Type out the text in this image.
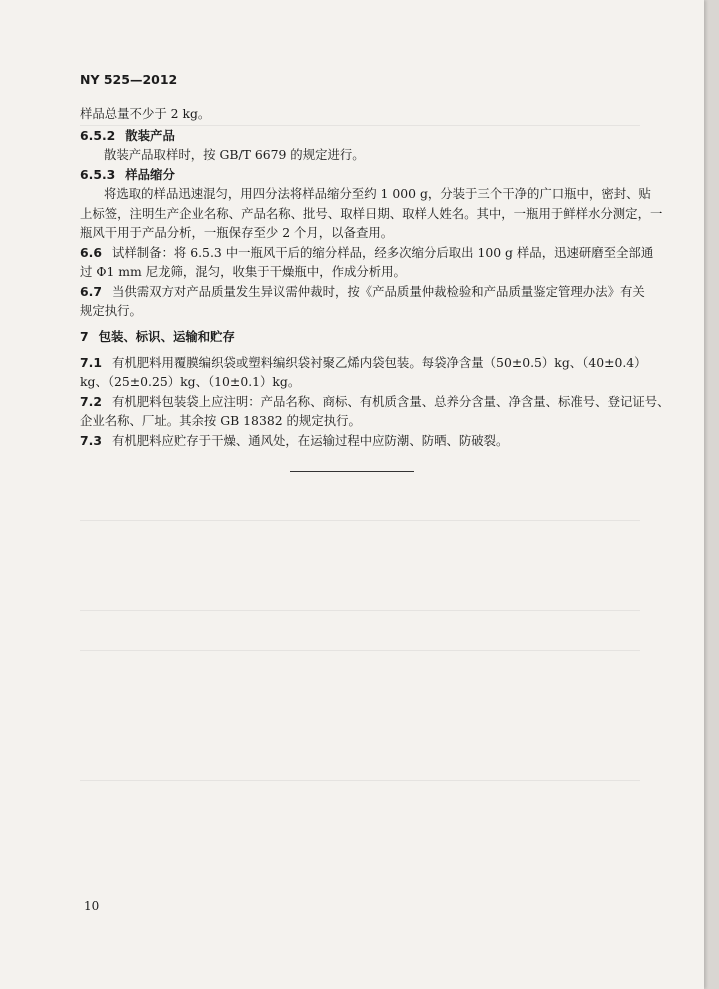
NY 525—2012
样品总量不少于 2 kg。
6.5.2 散装产品
散装产品取样时，按 GB/T 6679 的规定进行。
6.5.3 样品缩分
将选取的样品迅速混匀，用四分法将样品缩分至约 1 000 g，分装于三个干净的广口瓶中，密封、贴
上标签，注明生产企业名称、产品名称、批号、取样日期、取样人姓名。其中，一瓶用于鲜样水分测定，一
瓶风干用于产品分析，一瓶保存至少 2 个月，以备查用。
6.6 试样制备：将 6.5.3 中一瓶风干后的缩分样品，经多次缩分后取出 100 g 样品，迅速研磨至全部通
过 Φ1 mm 尼龙筛，混匀，收集于干燥瓶中，作成分析用。
6.7 当供需双方对产品质量发生异议需仲裁时，按《产品质量仲裁检验和产品质量鉴定管理办法》有关
规定执行。
7 包装、标识、运输和贮存
7.1 有机肥料用覆膜编织袋或塑料编织袋衬聚乙烯内袋包装。每袋净含量（50±0.5）kg、（40±0.4）
kg、（25±0.25）kg、（10±0.1）kg。
7.2 有机肥料包装袋上应注明：产品名称、商标、有机质含量、总养分含量、净含量、标准号、登记证号、
企业名称、厂址。其余按 GB 18382 的规定执行。
7.3 有机肥料应贮存于干燥、通风处，在运输过程中应防潮、防晒、防破裂。
10
